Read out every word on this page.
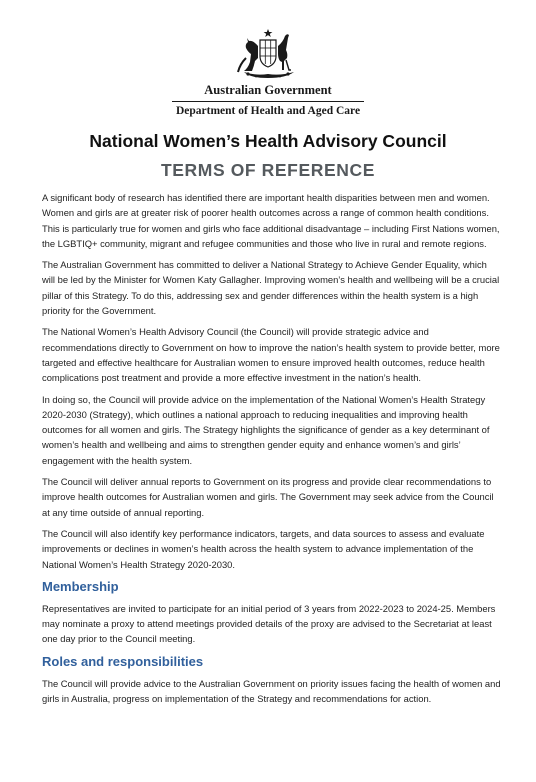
Australian Government
Department of Health and Aged Care
National Women’s Health Advisory Council
TERMS OF REFERENCE

A significant body of research has identified there are important health disparities between men and women. Women and girls are at greater risk of poorer health outcomes across a range of common health conditions. This is particularly true for women and girls who face additional disadvantage – including First Nations women, the LGBTIQ+ community, migrant and refugee communities and those who live in rural and remote regions.

The Australian Government has committed to deliver a National Strategy to Achieve Gender Equality, which will be led by the Minister for Women Katy Gallagher. Improving women’s health and wellbeing will be a crucial pillar of this Strategy. To do this, addressing sex and gender differences within the health system is a high priority for the Government.

The National Women’s Health Advisory Council (the Council) will provide strategic advice and recommendations directly to Government on how to improve the nation’s health system to provide better, more targeted and effective healthcare for Australian women to ensure improved health outcomes, reduce health complications post treatment and provide a more effective investment in the nation’s health.

In doing so, the Council will provide advice on the implementation of the National Women’s Health Strategy 2020-2030 (Strategy), which outlines a national approach to reducing inequalities and improving health outcomes for all women and girls. The Strategy highlights the significance of gender as a key determinant of women’s health and wellbeing and aims to strengthen gender equity and enhance women’s and girls’ engagement with the health system.

The Council will deliver annual reports to Government on its progress and provide clear recommendations to improve health outcomes for Australian women and girls. The Government may seek advice from the Council at any time outside of annual reporting.

The Council will also identify key performance indicators, targets, and data sources to assess and evaluate improvements or declines in women’s health across the health system to advance implementation of the National Women’s Health Strategy 2020-2030.

Membership

Representatives are invited to participate for an initial period of 3 years from 2022-2023 to 2024-25. Members may nominate a proxy to attend meetings provided details of the proxy are advised to the Secretariat at least one day prior to the Council meeting.

Roles and responsibilities

The Council will provide advice to the Australian Government on priority issues facing the health of women and girls in Australia, progress on implementation of the Strategy and recommendations for action.
